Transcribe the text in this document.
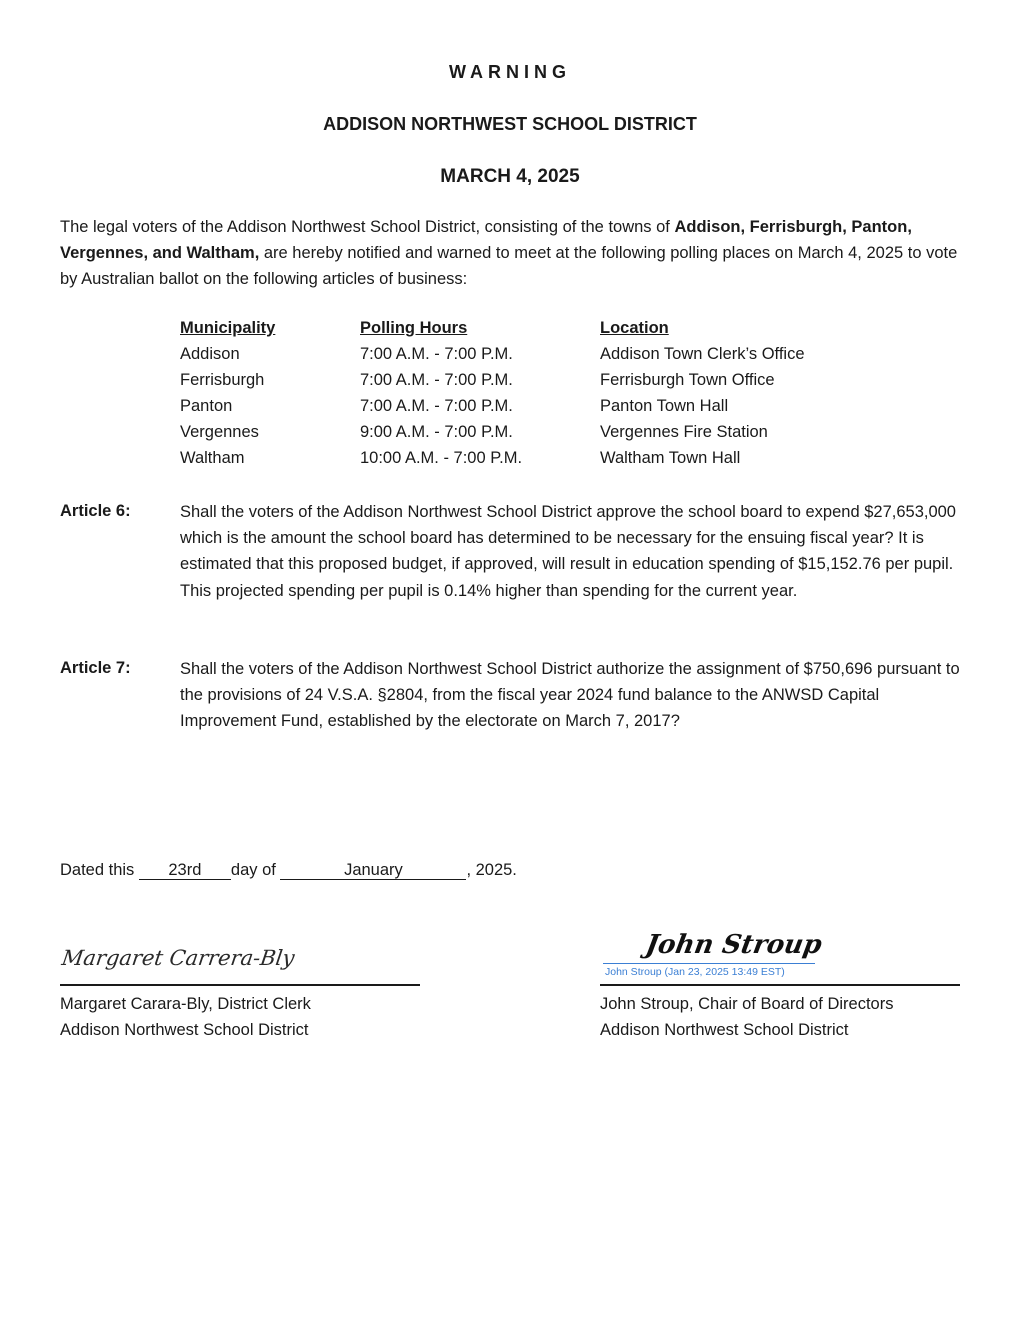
WARNING
ADDISON NORTHWEST SCHOOL DISTRICT
MARCH 4, 2025
The legal voters of the Addison Northwest School District, consisting of the towns of Addison, Ferrisburgh, Panton, Vergennes, and Waltham, are hereby notified and warned to meet at the following polling places on March 4, 2025 to vote by Australian ballot on the following articles of business:
Municipality	Polling Hours	Location
Addison	7:00 A.M. - 7:00 P.M.	Addison Town Clerk’s Office
Ferrisburgh	7:00 A.M. - 7:00 P.M.	Ferrisburgh Town Office
Panton	7:00 A.M. - 7:00 P.M.	Panton Town Hall
Vergennes	9:00 A.M. - 7:00 P.M.	Vergennes Fire Station
Waltham	10:00 A.M. - 7:00 P.M.	Waltham Town Hall
Article 6:	Shall the voters of the Addison Northwest School District approve the school board to expend $27,653,000 which is the amount the school board has determined to be necessary for the ensuing fiscal year? It is estimated that this proposed budget, if approved, will result in education spending of $15,152.76 per pupil. This projected spending per pupil is 0.14% higher than spending for the current year.
Article 7:	Shall the voters of the Addison Northwest School District authorize the assignment of $750,696 pursuant to the provisions of 24 V.S.A. §2804, from the fiscal year 2024 fund balance to the ANWSD Capital Improvement Fund, established by the electorate on March 7, 2017?
Dated this 23rd day of	January	, 2025.
Margaret Carrera-Bly
Margaret Carara-Bly, District Clerk
Addison Northwest School District
John Stroup
John Stroup (Jan 23, 2025 13:49 EST)
John Stroup, Chair of Board of Directors
Addison Northwest School District
